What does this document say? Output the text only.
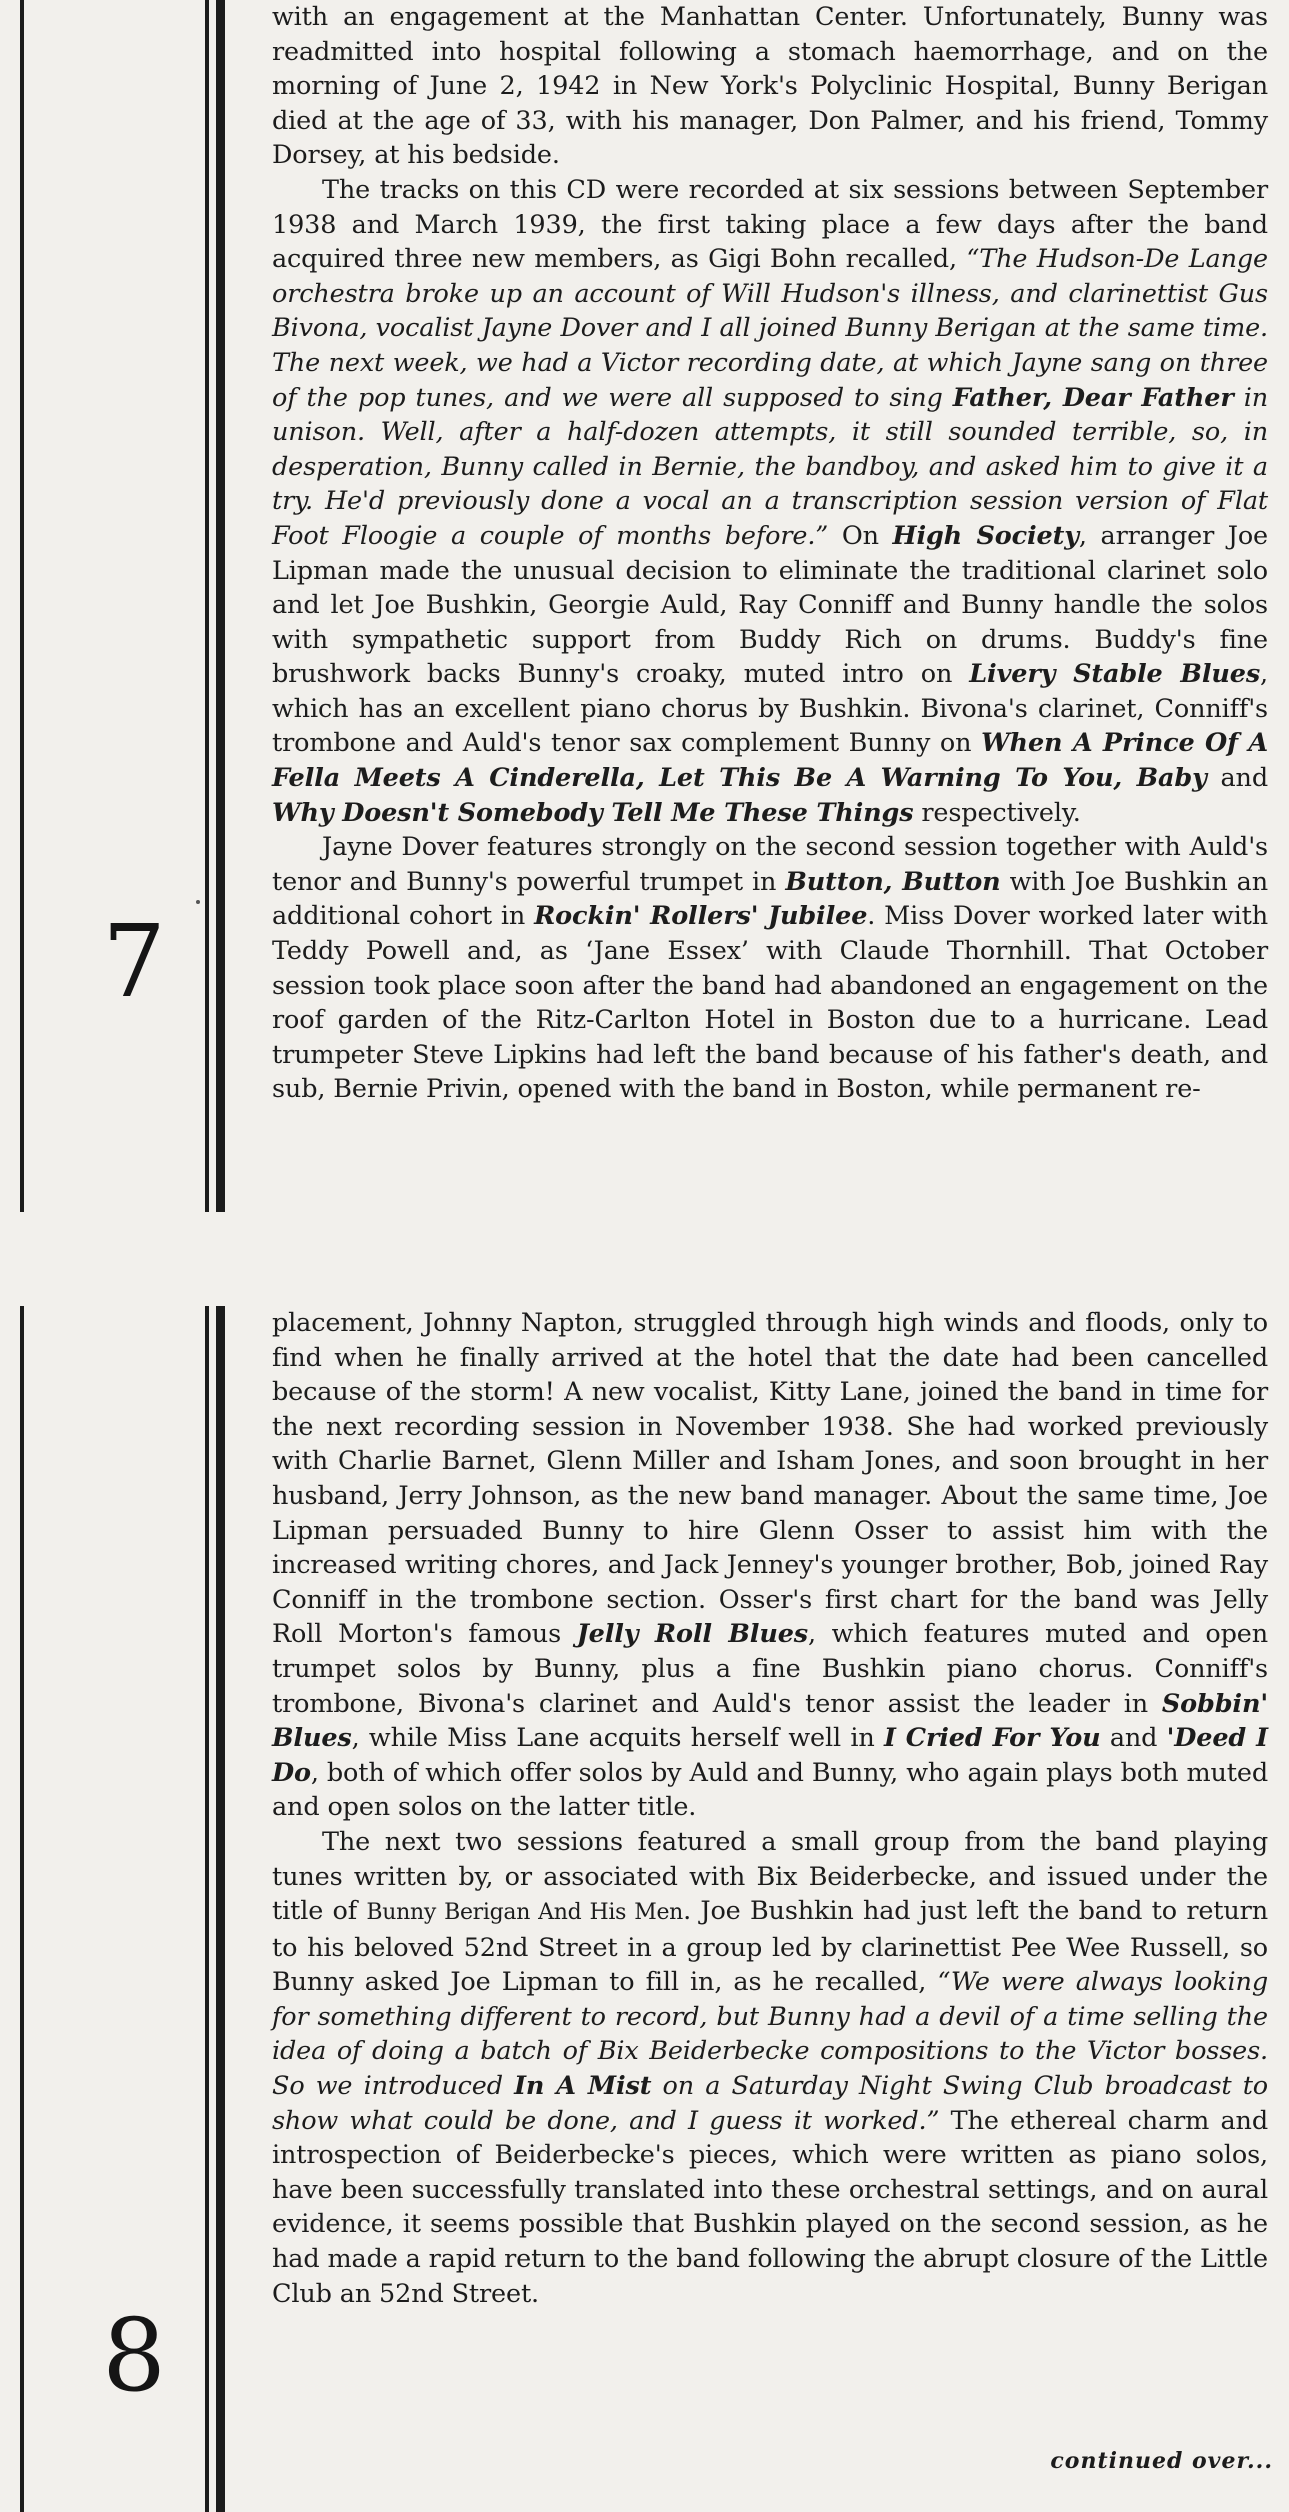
7

with an engagement at the Manhattan Center. Unfortunately, Bunny was readmitted into hospital following a stomach haemorrhage, and on the morning of June 2, 1942 in New York's Polyclinic Hospital, Bunny Berigan died at the age of 33, with his manager, Don Palmer, and his friend, Tommy Dorsey, at his bedside.

The tracks on this CD were recorded at six sessions between September 1938 and March 1939, the first taking place a few days after the band acquired three new members, as Gigi Bohn recalled, “The Hudson-De Lange orchestra broke up an account of Will Hudson's illness, and clarinettist Gus Bivona, vocalist Jayne Dover and I all joined Bunny Berigan at the same time. The next week, we had a Victor recording date, at which Jayne sang on three of the pop tunes, and we were all supposed to sing Father, Dear Father in unison. Well, after a half-dozen attempts, it still sounded terrible, so, in desperation, Bunny called in Bernie, the bandboy, and asked him to give it a try. He'd previously done a vocal an a transcription session version of Flat Foot Floogie a couple of months before.” On High Society, arranger Joe Lipman made the unusual decision to eliminate the traditional clarinet solo and let Joe Bushkin, Georgie Auld, Ray Conniff and Bunny handle the solos with sympathetic support from Buddy Rich on drums. Buddy's fine brushwork backs Bunny's croaky, muted intro on Livery Stable Blues, which has an excellent piano chorus by Bushkin. Bivona's clarinet, Conniff's trombone and Auld's tenor sax complement Bunny on When A Prince Of A Fella Meets A Cinderella, Let This Be A Warning To You, Baby and Why Doesn't Somebody Tell Me These Things respectively.

Jayne Dover features strongly on the second session together with Auld's tenor and Bunny's powerful trumpet in Button, Button with Joe Bushkin an additional cohort in Rockin' Rollers' Jubilee. Miss Dover worked later with Teddy Powell and, as ‘Jane Essex’ with Claude Thornhill. That October session took place soon after the band had abandoned an engagement on the roof garden of the Ritz-Carlton Hotel in Boston due to a hurricane. Lead trumpeter Steve Lipkins had left the band because of his father's death, and sub, Bernie Privin, opened with the band in Boston, while permanent re-

8

placement, Johnny Napton, struggled through high winds and floods, only to find when he finally arrived at the hotel that the date had been cancelled because of the storm! A new vocalist, Kitty Lane, joined the band in time for the next recording session in November 1938. She had worked previously with Charlie Barnet, Glenn Miller and Isham Jones, and soon brought in her husband, Jerry Johnson, as the new band manager. About the same time, Joe Lipman persuaded Bunny to hire Glenn Osser to assist him with the increased writing chores, and Jack Jenney's younger brother, Bob, joined Ray Conniff in the trombone section. Osser's first chart for the band was Jelly Roll Morton's famous Jelly Roll Blues, which features muted and open trumpet solos by Bunny, plus a fine Bushkin piano chorus. Conniff's trombone, Bivona's clarinet and Auld's tenor assist the leader in Sobbin' Blues, while Miss Lane acquits herself well in I Cried For You and 'Deed I Do, both of which offer solos by Auld and Bunny, who again plays both muted and open solos on the latter title.

The next two sessions featured a small group from the band playing tunes written by, or associated with Bix Beiderbecke, and issued under the title of Bunny Berigan And His Men. Joe Bushkin had just left the band to return to his beloved 52nd Street in a group led by clarinettist Pee Wee Russell, so Bunny asked Joe Lipman to fill in, as he recalled, “We were always looking for something different to record, but Bunny had a devil of a time selling the idea of doing a batch of Bix Beiderbecke compositions to the Victor bosses. So we introduced In A Mist on a Saturday Night Swing Club broadcast to show what could be done, and I guess it worked.” The ethereal charm and introspection of Beiderbecke's pieces, which were written as piano solos, have been successfully translated into these orchestral settings, and on aural evidence, it seems possible that Bushkin played on the second session, as he had made a rapid return to the band following the abrupt closure of the Little Club an 52nd Street.

continued over...
